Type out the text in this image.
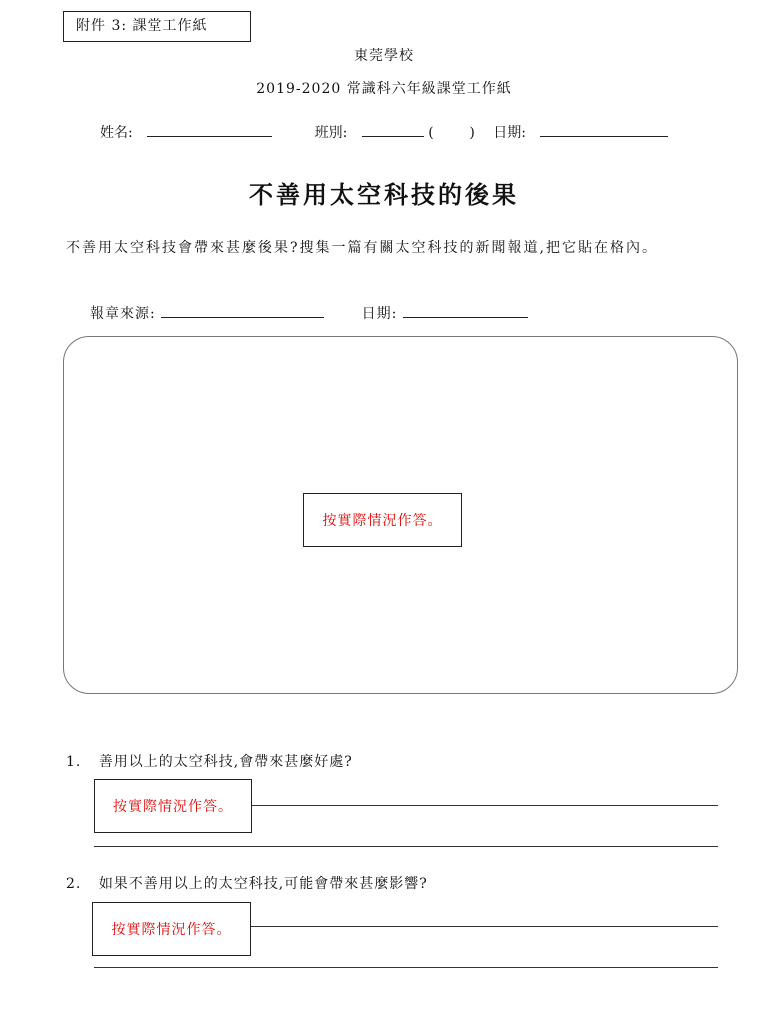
附件 3: 課堂工作紙
東莞學校
2019-2020 常識科六年級課堂工作紙
姓名:	班別:	(        ) 日期:
不善用太空科技的後果
不善用太空科技會帶來甚麼後果?搜集一篇有關太空科技的新聞報道,把它貼在格內。
報章來源:	日期:
按實際情況作答。
1. 善用以上的太空科技,會帶來甚麼好處?
按實際情況作答。
2. 如果不善用以上的太空科技,可能會帶來甚麼影響?
按實際情況作答。
